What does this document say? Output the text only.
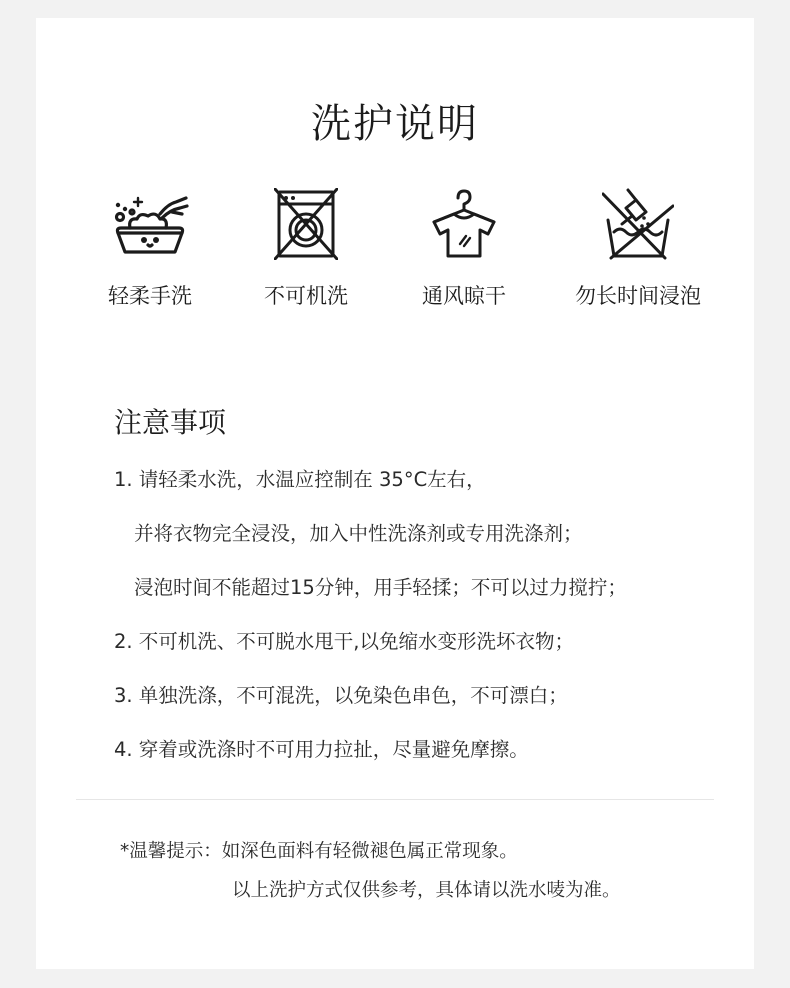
洗护说明
轻柔手洗	不可机洗	通风晾干	勿长时间浸泡
注意事项
1. 请轻柔水洗，水温应控制在 35°C左右，
并将衣物完全浸没，加入中性洗涤剂或专用洗涤剂；
浸泡时间不能超过15分钟，用手轻揉；不可以过力搅拧；
2. 不可机洗、不可脱水甩干,以免缩水变形洗坏衣物；
3. 单独洗涤，不可混洗，以免染色串色，不可漂白；
4. 穿着或洗涤时不可用力拉扯，尽量避免摩擦。
*温馨提示：如深色面料有轻微褪色属正常现象。
以上洗护方式仅供参考，具体请以洗水唛为准。
